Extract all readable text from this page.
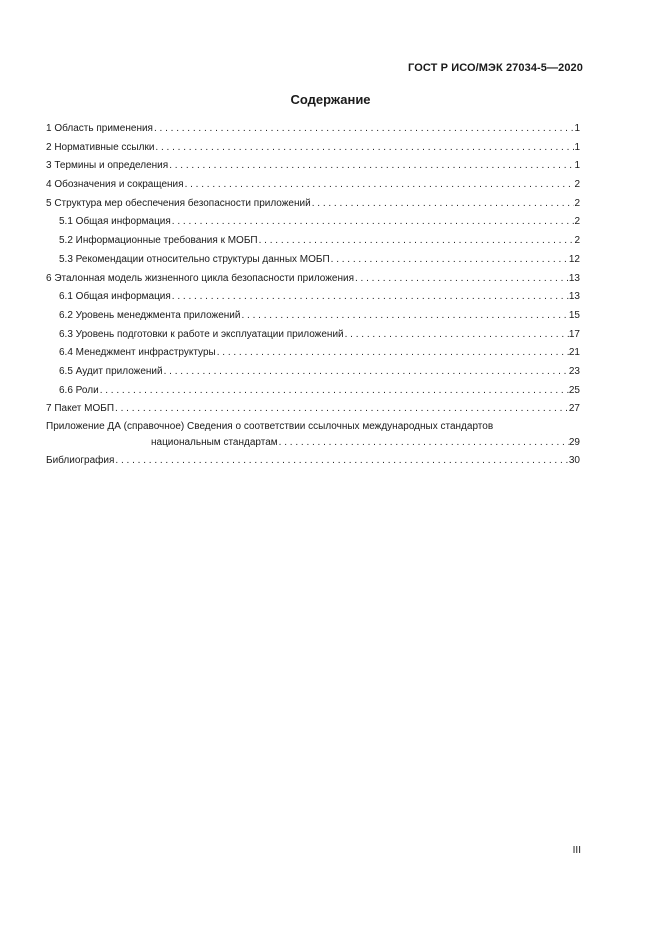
ГОСТ Р ИСО/МЭК 27034-5—2020
Содержание
1 Область применения . . .	1
2 Нормативные ссылки . . .	1
3 Термины и определения . . .	1
4 Обозначения и сокращения . . .	2
5 Структура мер обеспечения безопасности приложений . . .	2
5.1 Общая информация . . .	2
5.2 Информационные требования к МОБП . . .	2
5.3 Рекомендации относительно структуры данных МОБП . . .	12
6 Эталонная модель жизненного цикла безопасности приложения . . .	13
6.1 Общая информация . . .	13
6.2 Уровень менеджмента приложений . . .	15
6.3 Уровень подготовки к работе и эксплуатации приложений . . .	17
6.4 Менеджмент инфраструктуры . . .	21
6.5 Аудит приложений . . .	23
6.6 Роли . . .	25
7 Пакет МОБП . . .	27
Приложение ДА (справочное) Сведения о соответствии ссылочных международных стандартов
национальным стандартам . . .	29
Библиография . . .	30
III
